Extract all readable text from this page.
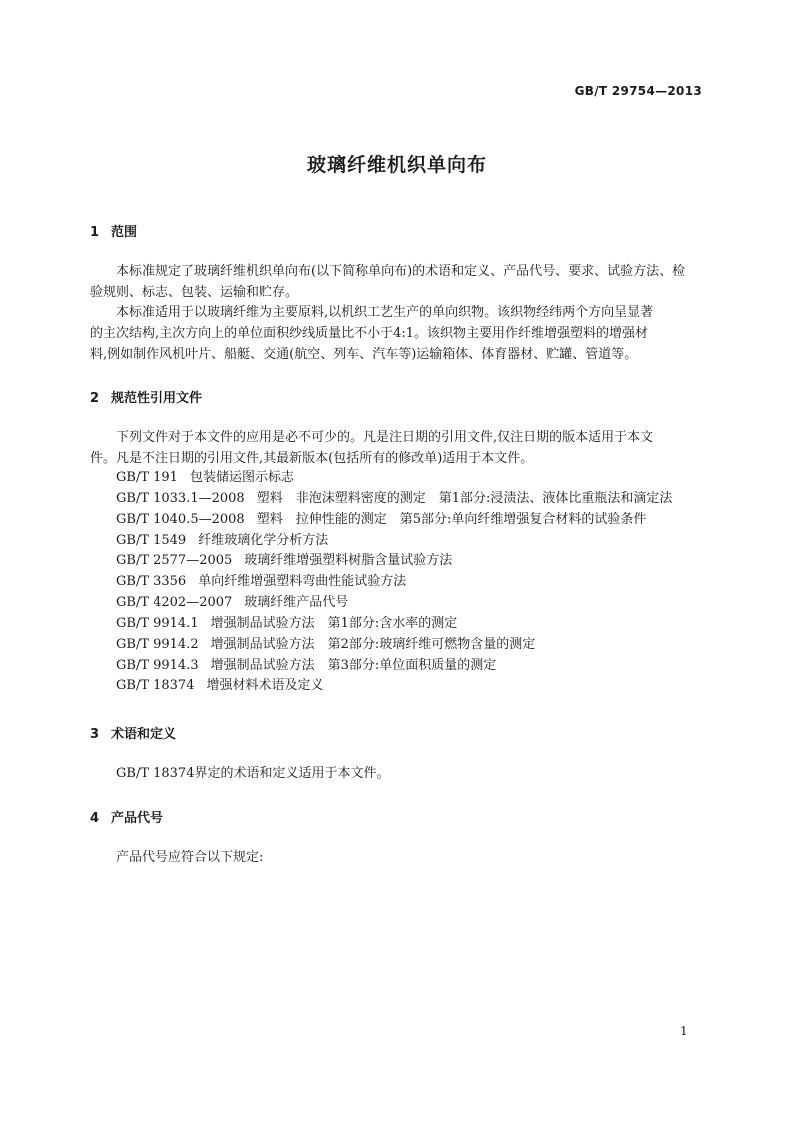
GB/T 29754—2013
玻璃纤维机织单向布
1 范围
本标准规定了玻璃纤维机织单向布(以下简称单向布)的术语和定义、产品代号、要求、试验方法、检
验规则、标志、包装、运输和贮存。
本标准适用于以玻璃纤维为主要原料,以机织工艺生产的单向织物。该织物经纬两个方向呈显著
的主次结构,主次方向上的单位面积纱线质量比不小于4:1。该织物主要用作纤维增强塑料的增强材
料,例如制作风机叶片、船艇、交通(航空、列车、汽车等)运输箱体、体育器材、贮罐、管道等。
2 规范性引用文件
下列文件对于本文件的应用是必不可少的。凡是注日期的引用文件,仅注日期的版本适用于本文
件。凡是不注日期的引用文件,其最新版本(包括所有的修改单)适用于本文件。
GB/T 191 包装储运图示标志
GB/T 1033.1—2008 塑料　非泡沫塑料密度的测定　第1部分:浸渍法、液体比重瓶法和滴定法
GB/T 1040.5—2008 塑料　拉伸性能的测定　第5部分:单向纤维增强复合材料的试验条件
GB/T 1549 纤维玻璃化学分析方法
GB/T 2577—2005 玻璃纤维增强塑料树脂含量试验方法
GB/T 3356 单向纤维增强塑料弯曲性能试验方法
GB/T 4202—2007 玻璃纤维产品代号
GB/T 9914.1 增强制品试验方法　第1部分:含水率的测定
GB/T 9914.2 增强制品试验方法　第2部分:玻璃纤维可燃物含量的测定
GB/T 9914.3 增强制品试验方法　第3部分:单位面积质量的测定
GB/T 18374 增强材料术语及定义
3 术语和定义
GB/T 18374界定的术语和定义适用于本文件。
4 产品代号
产品代号应符合以下规定:
1
